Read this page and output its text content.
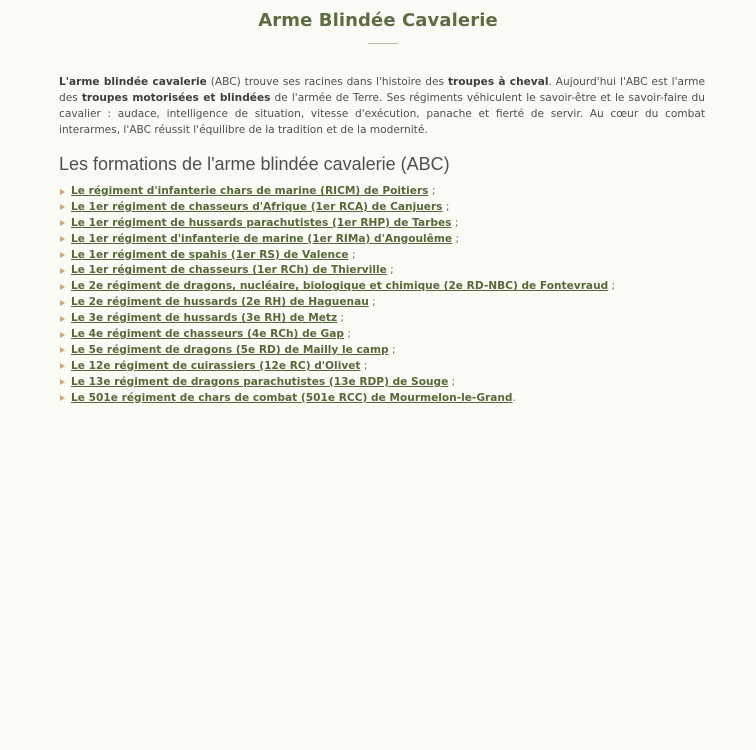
Arme Blindée Cavalerie

L'arme blindée cavalerie (ABC) trouve ses racines dans l'histoire des troupes à cheval. Aujourd'hui l'ABC est l'arme des troupes motorisées et blindées de l'armée de Terre. Ses régiments véhiculent le savoir-être et le savoir-faire du cavalier : audace, intelligence de situation, vitesse d'exécution, panache et fierté de servir. Au cœur du combat interarmes, l'ABC réussit l'équilibre de la tradition et de la modernité.

Les formations de l'arme blindée cavalerie (ABC)
Le régiment d'infanterie chars de marine (RICM) de Poitiers ;
Le 1er régiment de chasseurs d'Afrique (1er RCA) de Canjuers ;
Le 1er régiment de hussards parachutistes (1er RHP) de Tarbes ;
Le 1er régiment d'infanterie de marine (1er RIMa) d'Angoulême ;
Le 1er régiment de spahis (1er RS) de Valence ;
Le 1er régiment de chasseurs (1er RCh) de Thierville ;
Le 2e régiment de dragons, nucléaire, biologique et chimique (2e RD-NBC) de Fontevraud ;
Le 2e régiment de hussards (2e RH) de Haguenau ;
Le 3e régiment de hussards (3e RH) de Metz ;
Le 4e régiment de chasseurs (4e RCh) de Gap ;
Le 5e régiment de dragons (5e RD) de Mailly le camp ;
Le 12e régiment de cuirassiers (12e RC) d'Olivet ;
Le 13e régiment de dragons parachutistes (13e RDP) de Souge ;
Le 501e régiment de chars de combat (501e RCC) de Mourmelon-le-Grand.
